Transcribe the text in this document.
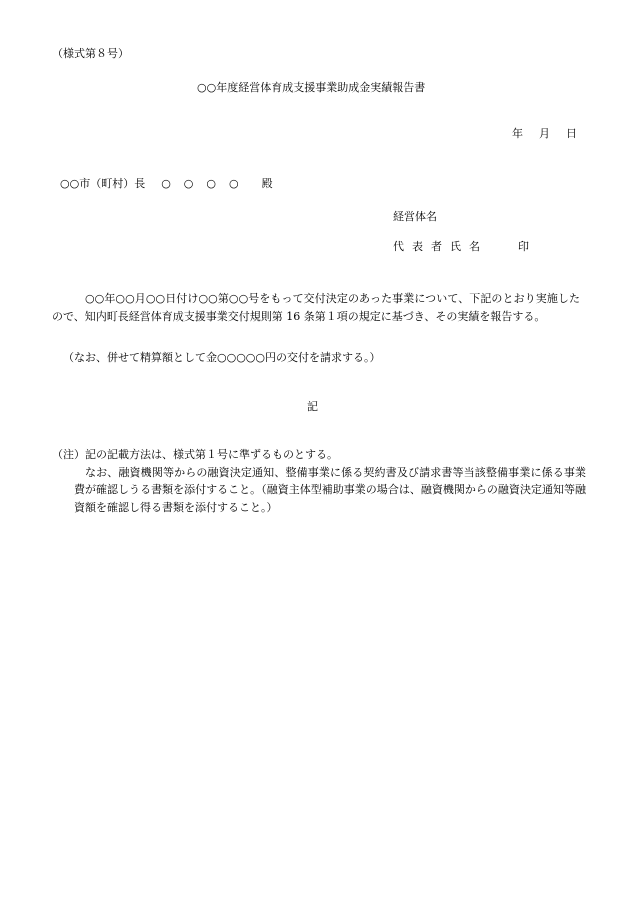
（様式第８号）
○○年度経営体育成支援事業助成金実績報告書
年 月 日
○○市（町村）長 ○○○○ 殿
経営体名
代表者氏名	印

○○年○○月○○日付け○○第○○号をもって交付決定のあった事業について、下記のとおり実施したので、知内町長経営体育成支援事業交付規則第 16 条第１項の規定に基づき、その実績を報告する。

（なお、併せて精算額として金○○○○○円の交付を請求する。）
記
（注）記の記載方法は、様式第１号に準ずるものとする。
なお、融資機関等からの融資決定通知、整備事業に係る契約書及び請求書等当該整備事業に係る事業費が確認しうる書類を添付すること。（融資主体型補助事業の場合は、融資機関からの融資決定通知等融資額を確認し得る書類を添付すること。）
